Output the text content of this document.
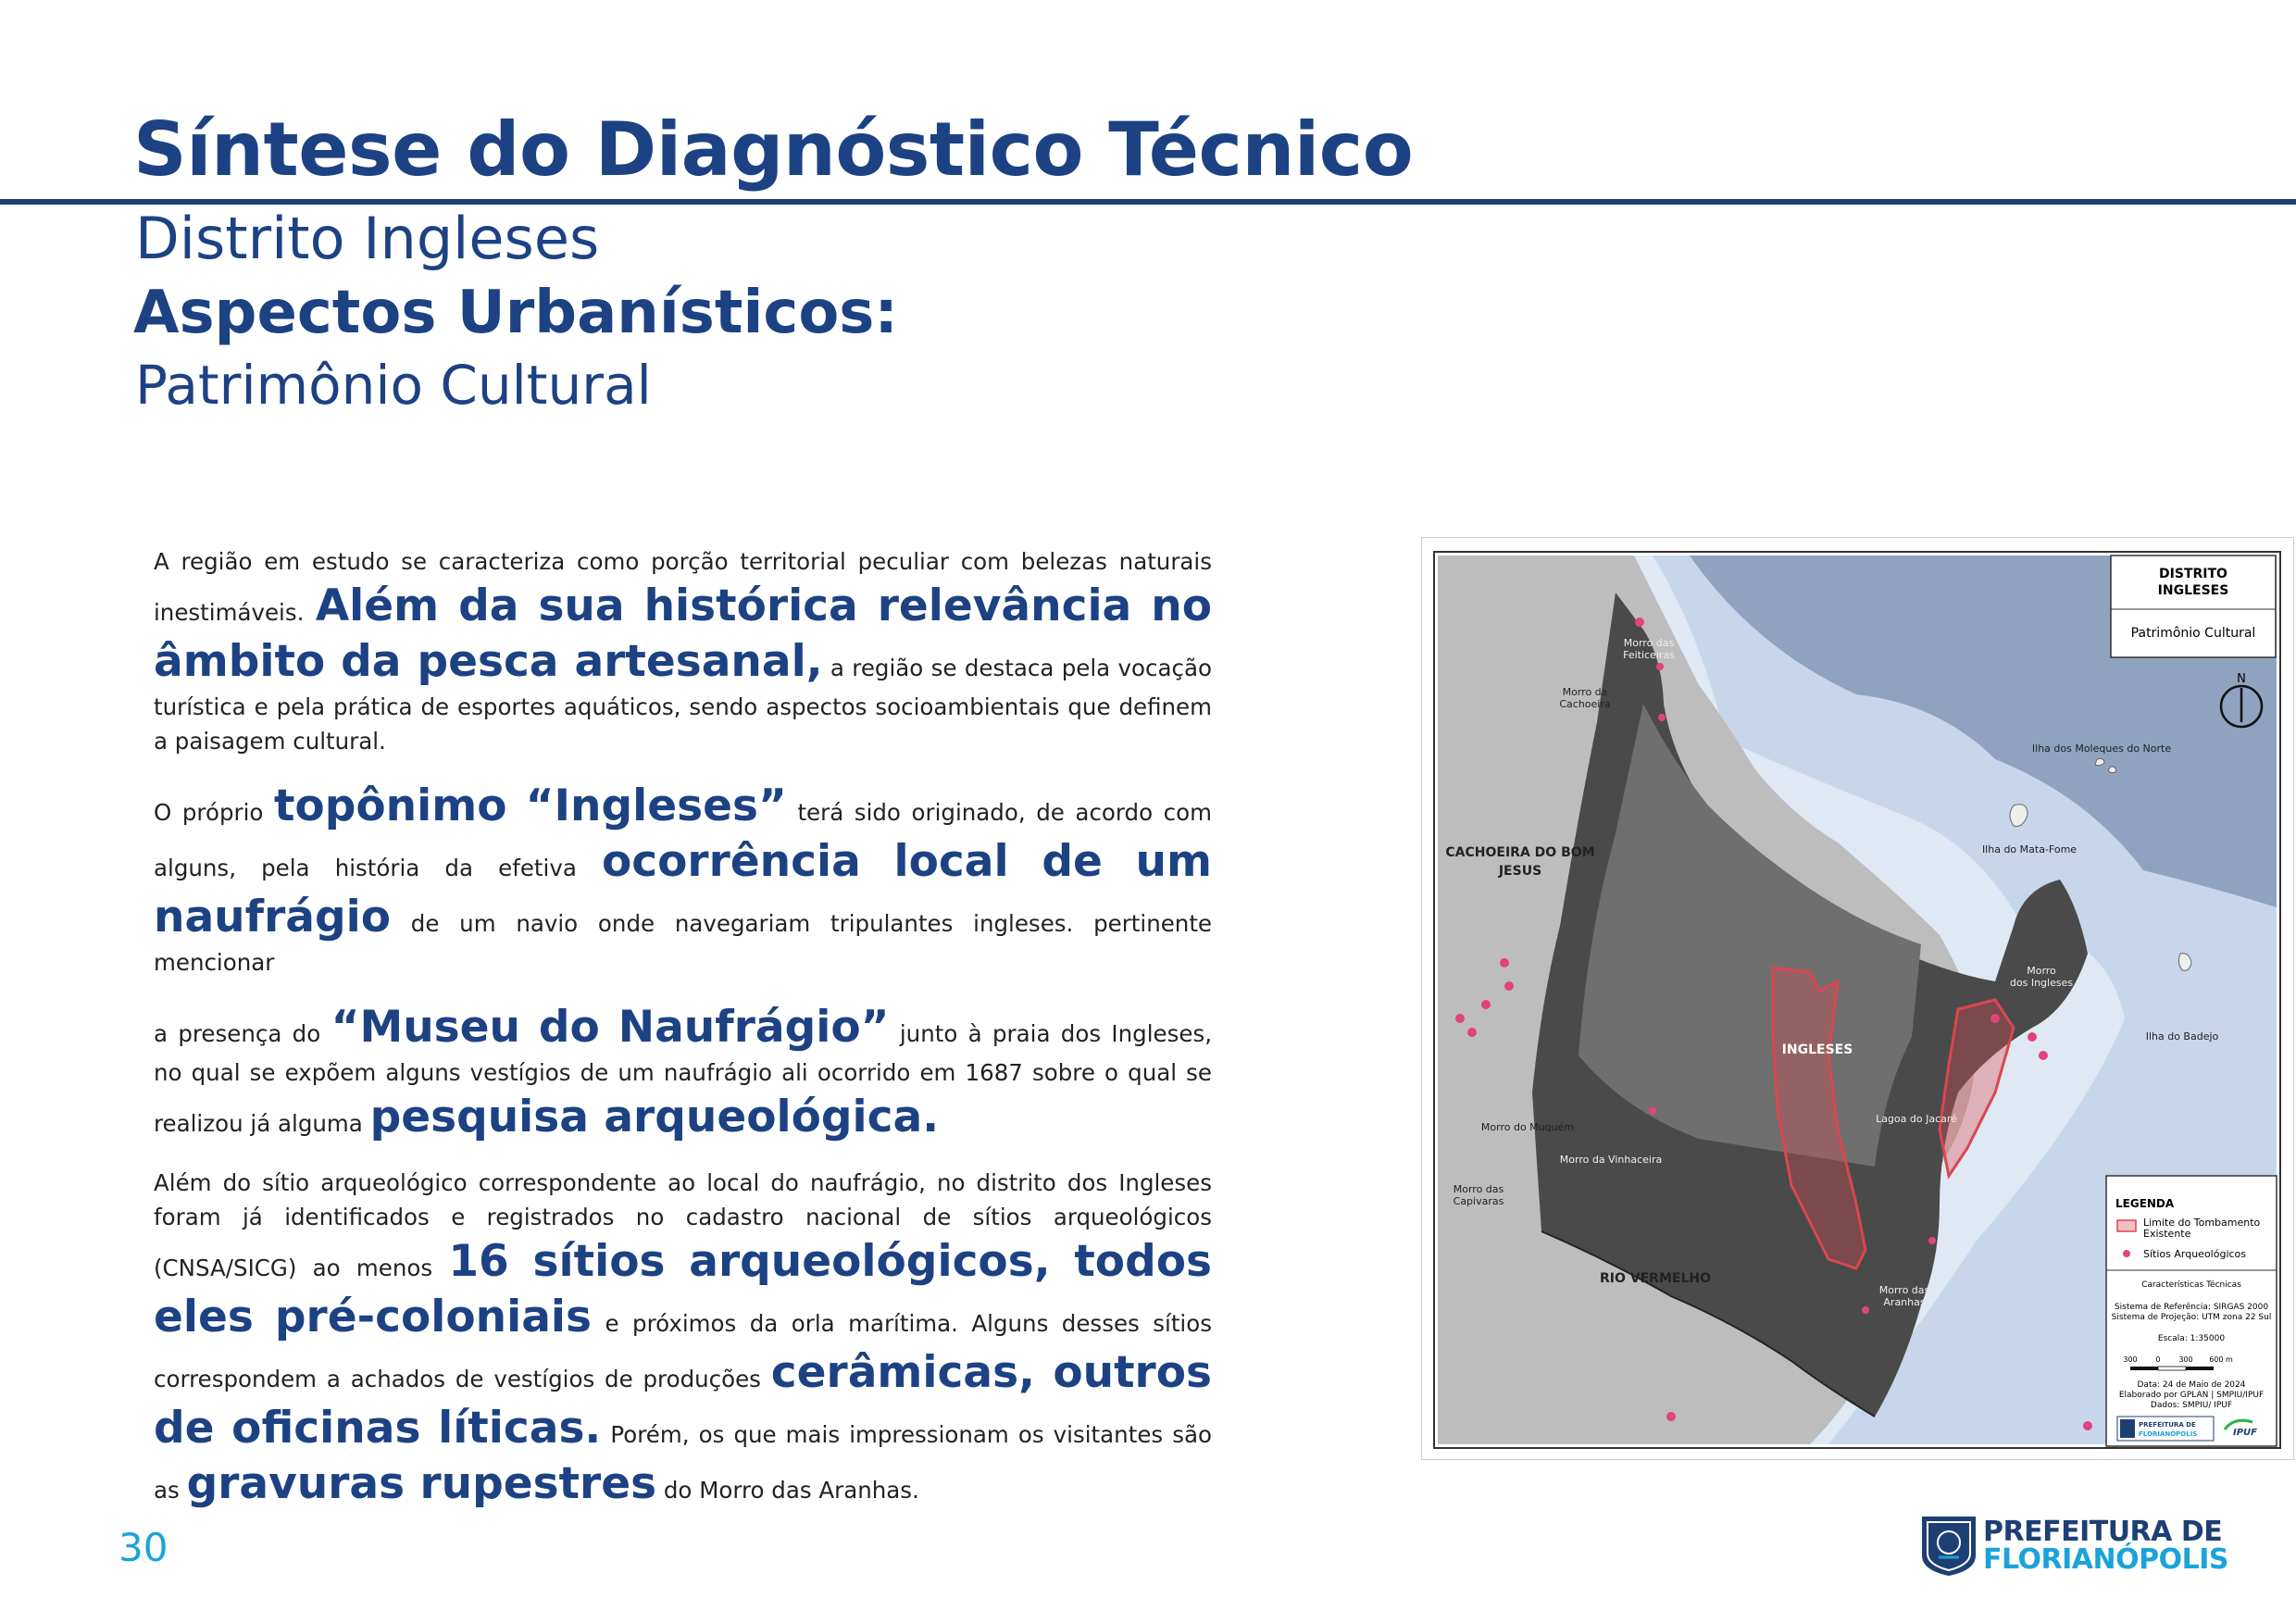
Síntese do Diagnóstico Técnico
Distrito Ingleses
Aspectos Urbanísticos:
Patrimônio Cultural

A região em estudo se caracteriza como porção territorial peculiar com belezas naturais inestimáveis. Além da sua histórica relevância no âmbito da pesca artesanal, a região se destaca pela vocação turística e pela prática de esportes aquáticos, sendo aspectos socioambientais que definem a paisagem cultural.

O próprio topônimo “Ingleses” terá sido originado, de acordo com alguns, pela história da efetiva ocorrência local de um naufrágio de um navio onde navegariam tripulantes ingleses. pertinente mencionar

a presença do “Museu do Naufrágio” junto à praia dos Ingleses, no qual se expõem alguns vestígios de um naufrágio ali ocorrido em 1687 sobre o qual se realizou já alguma pesquisa arqueológica.

Além do sítio arqueológico correspondente ao local do naufrágio, no distrito dos Ingleses foram já identificados e registrados no cadastro nacional de sítios arqueológicos (CNSA/SICG) ao menos 16 sítios arqueológicos, todos eles pré-coloniais e próximos da orla marítima. Alguns desses sítios correspondem a achados de vestígios de produções cerâmicas, outros de oficinas líticas. Porém, os que mais impressionam os visitantes são as gravuras rupestres do Morro das Aranhas.

Morro das
Feiticeiras
Morro da
Cachoeira
CACHOEIRA DO BOM
JESUS
Ilha dos Moleques do Norte
Ilha do Mata-Fome
Morro
dos Ingleses
Ilha do Badejo
INGLESES
Lagoa do Jacaré
Morro do Muquém
Morro da Vinhaceira
Morro das
Capivaras
RIO VERMELHO
Morro das
Aranhas
DISTRITO
INGLESES
Patrimônio Cultural
N
LEGENDA
Limite do Tombamento
Existente
Sítios Arqueológicos
Características Técnicas
Sistema de Referência: SIRGAS 2000
Sistema de Projeção: UTM zona 22 Sul
Escala: 1:35000
300 0 300 600 m
Data: 24 de Maio de 2024
Elaborado por GPLAN | SMPIU/IPUF
Dados: SMPIU/ IPUF
PREFEITURA DE
FLORIANÓPOLIS	IPUF
30	PREFEITURA DE
FLORIANÓPOLIS
